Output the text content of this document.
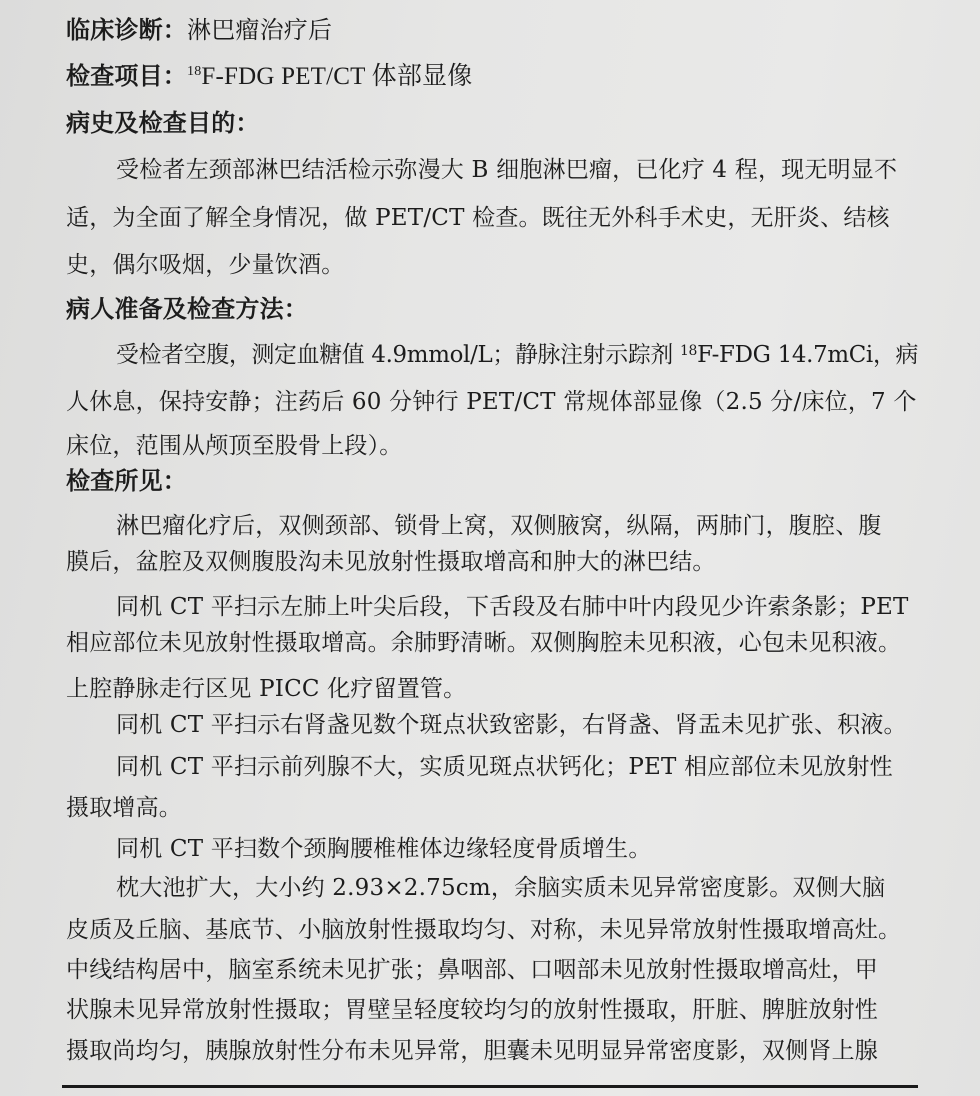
临床诊断：淋巴瘤治疗后
检查项目：$^{18}$F-FDG PET/CT 体部显像
病史及检查目的：
受检者左颈部淋巴结活检示弥漫大 B 细胞淋巴瘤，已化疗 4 程，现无明显不
适，为全面了解全身情况，做 PET/CT 检查。既往无外科手术史，无肝炎、结核
史，偶尔吸烟，少量饮酒。
病人准备及检查方法：
受检者空腹，测定血糖值 4.9mmol/L；静脉注射示踪剂 $^{18}$F-FDG 14.7mCi，病
人休息，保持安静；注药后 60 分钟行 PET/CT 常规体部显像（2.5 分/床位，7 个
床位，范围从颅顶至股骨上段）。
检查所见：
淋巴瘤化疗后，双侧颈部、锁骨上窝，双侧腋窝，纵隔，两肺门，腹腔、腹
膜后，盆腔及双侧腹股沟未见放射性摄取增高和肿大的淋巴结。
同机 CT 平扫示左肺上叶尖后段，下舌段及右肺中叶内段见少许索条影；PET
相应部位未见放射性摄取增高。余肺野清晰。双侧胸腔未见积液，心包未见积液。
上腔静脉走行区见 PICC 化疗留置管。
同机 CT 平扫示右肾盏见数个斑点状致密影，右肾盏、肾盂未见扩张、积液。
同机 CT 平扫示前列腺不大，实质见斑点状钙化；PET 相应部位未见放射性
摄取增高。
同机 CT 平扫数个颈胸腰椎椎体边缘轻度骨质增生。
枕大池扩大，大小约 2.93×2.75cm，余脑实质未见异常密度影。双侧大脑
皮质及丘脑、基底节、小脑放射性摄取均匀、对称，未见异常放射性摄取增高灶。
中线结构居中，脑室系统未见扩张；鼻咽部、口咽部未见放射性摄取增高灶，甲
状腺未见异常放射性摄取；胃壁呈轻度较均匀的放射性摄取，肝脏、脾脏放射性
摄取尚均匀，胰腺放射性分布未见异常，胆囊未见明显异常密度影，双侧肾上腺
